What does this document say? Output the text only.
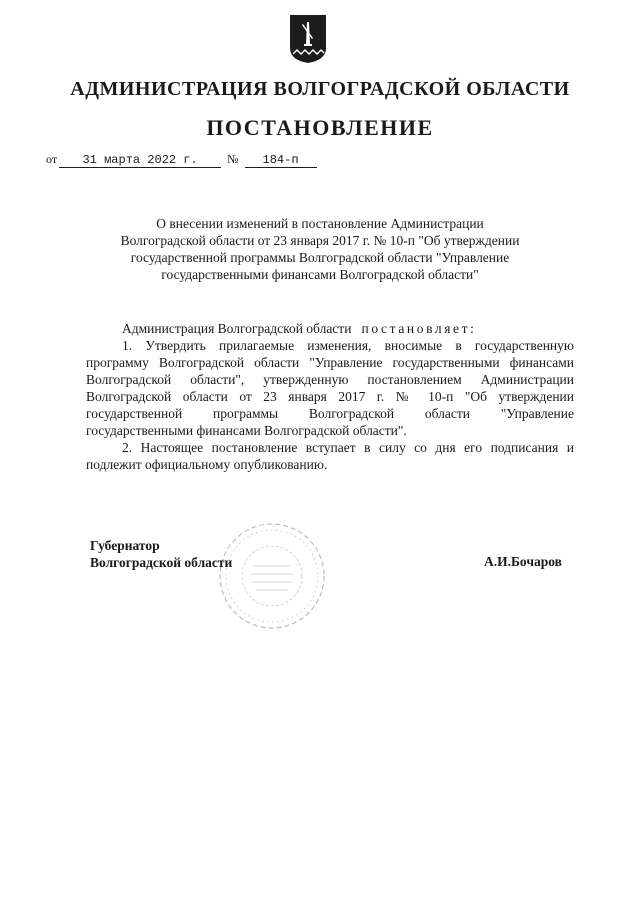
АДМИНИСТРАЦИЯ ВОЛГОГРАДСКОЙ ОБЛАСТИ
ПОСТАНОВЛЕНИЕ
от 31 марта 2022 г. № 184-п
О внесении изменений в постановление Администрации
Волгоградской области от 23 января 2017 г. № 10-п "Об утверждении
государственной программы Волгоградской области "Управление
государственными финансами Волгоградской области"

Администрация Волгоградской области постановляет:

1. Утвердить прилагаемые изменения, вносимые в государственную программу Волгоградской области "Управление государственными финансами Волгоградской области", утвержденную постановлением Администрации Волгоградской области от 23 января 2017 г. № 10-п "Об утверждении государственной программы Волгоградской области "Управление государственными финансами Волгоградской области".

2. Настоящее постановление вступает в силу со дня его подписания и подлежит официальному опубликованию.

Губернатор
Волгоградской области	А.И.Бочаров
